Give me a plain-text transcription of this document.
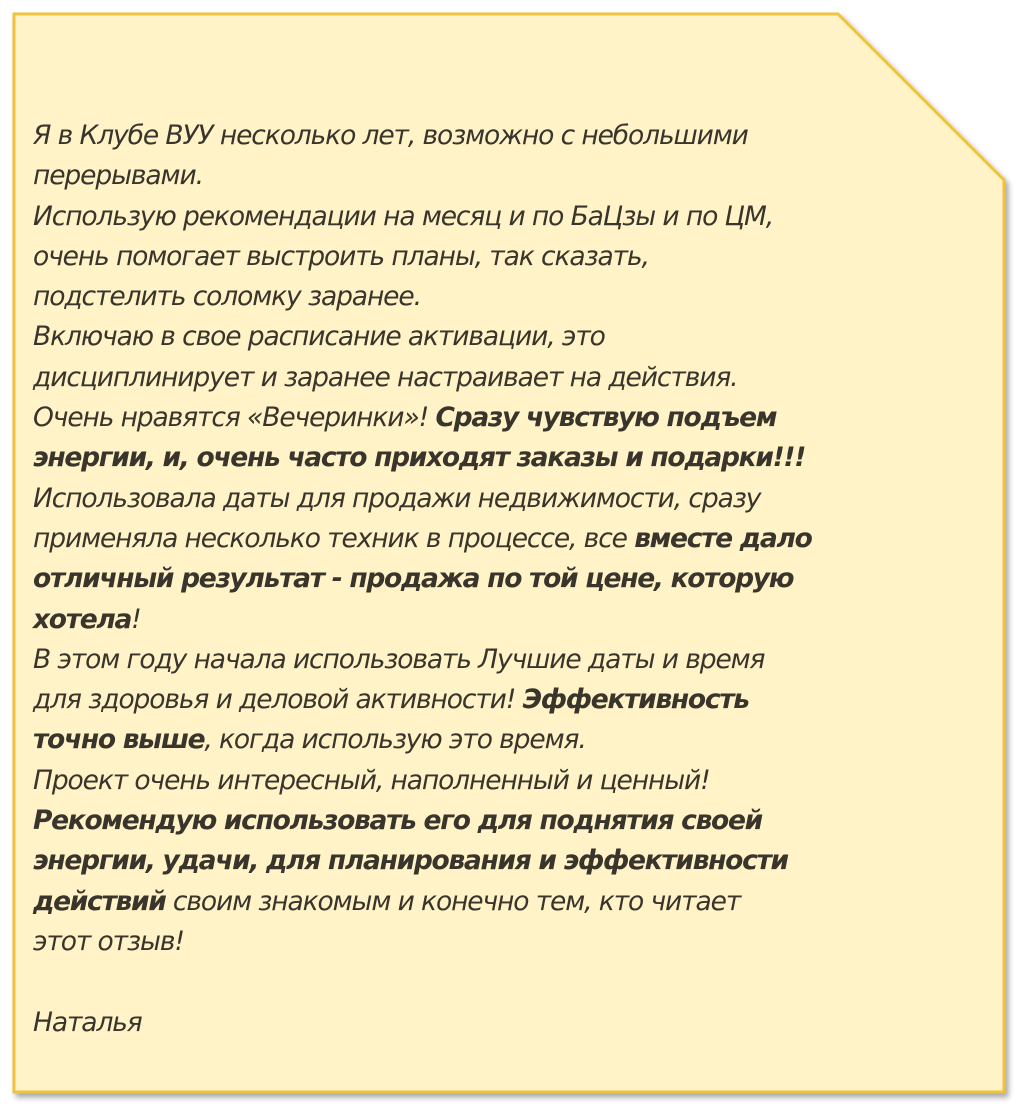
Я в Клубе ВУУ несколько лет, возможно с небольшими

перерывами.

Использую рекомендации на месяц и по БаЦзы и по ЦМ,

очень помогает выстроить планы, так сказать,

подстелить соломку заранее.

Включаю в свое расписание активации, это

дисциплинирует и заранее настраивает на действия.

Очень нравятся «Вечеринки»! Сразу чувствую подъем

энергии, и, очень часто приходят заказы и подарки!!!

Использовала даты для продажи недвижимости, сразу

применяла несколько техник в процессе, все вместе дало

отличный результат - продажа по той цене, которую

хотела!

В этом году начала использовать Лучшие даты и время

для здоровья и деловой активности! Эффективность

точно выше, когда использую это время.

Проект очень интересный, наполненный и ценный!

Рекомендую использовать его для поднятия своей

энергии, удачи, для планирования и эффективности

действий своим знакомым и конечно тем, кто читает

этот отзыв!

Наталья
